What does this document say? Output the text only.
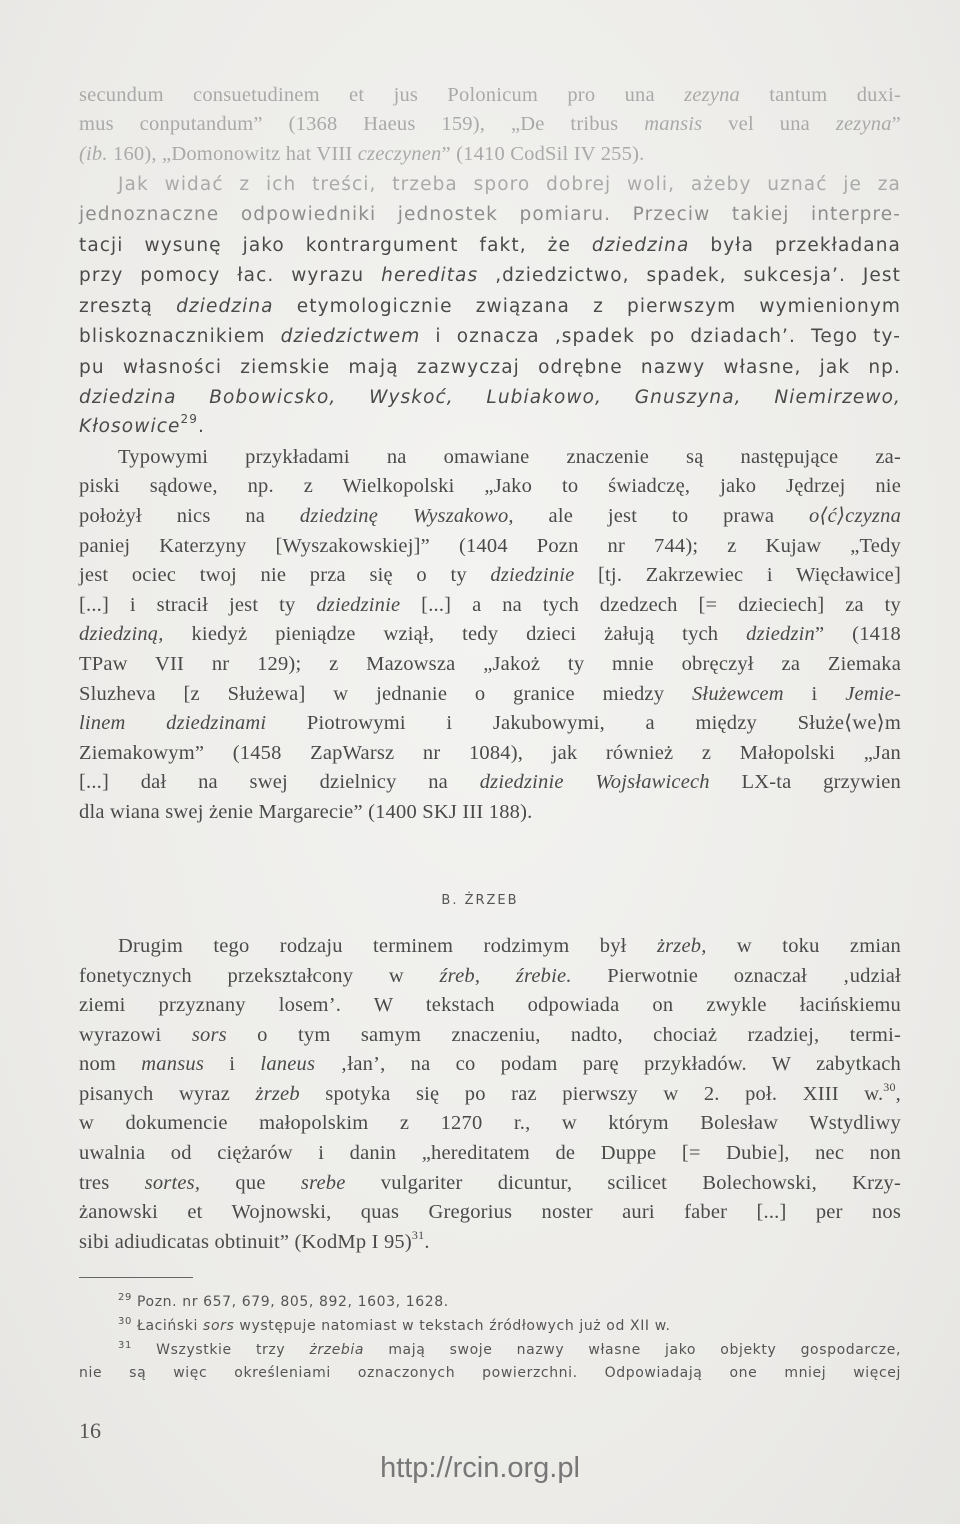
secundum consuetudinem et jus Polonicum pro una zezyna tantum duxi-
mus conputandum” (1368 Haeus 159), „De tribus mansis vel una zezyna”
(ib. 160), „Domonowitz hat VIII czeczynen” (1410 CodSil IV 255).
Jak widać z ich treści, trzeba sporo dobrej woli, ażeby uznać je za
jednoznaczne odpowiedniki jednostek pomiaru. Przeciw takiej interpre-
tacji wysunę jako kontrargument fakt, że dziedzina była przekładana
przy pomocy łac. wyrazu hereditas ‚dziedzictwo, spadek, sukcesja’. Jest
zresztą dziedzina etymologicznie związana z pierwszym wymienionym
bliskoznacznikiem dziedzictwem i oznacza ‚spadek po dziadach’. Tego ty-
pu własności ziemskie mają zazwyczaj odrębne nazwy własne, jak np.
dziedzina Bobowicsko, Wyskoć, Lubiakowo, Gnuszyna, Niemirzewo,
Kłosowice$^{29}$.
Typowymi przykładami na omawiane znaczenie są następujące za-
piski sądowe, np. z Wielkopolski „Jako to świadczę, jako Jędrzej nie
położył nics na dziedzinę Wyszakowo, ale jest to prawa o⟨ć⟩czyzna
paniej Katerzyny [Wyszakowskiej]” (1404 Pozn nr 744); z Kujaw „Tedy
jest ociec twoj nie prza się o ty dziedzinie [tj. Zakrzewiec i Więcławice]
[...] i stracił jest ty dziedzinie [...] a na tych dzedzech [= dzieciech] za ty
dziedziną, kiedyż pieniądze wziął, tedy dzieci żałują tych dziedzin” (1418
TPaw VII nr 129); z Mazowsza „Jakoż ty mnie obręczył za Ziemaka
Sluzheva [z Służewa] w jednanie o granice miedzy Służewcem i Jemie-
linem dziedzinami Piotrowymi i Jakubowymi, a między Służe⟨we⟩m
Ziemakowym” (1458 ZapWarsz nr 1084), jak również z Małopolski „Jan
[...] dał na swej dzielnicy na dziedzinie Wojsławicech LX-ta grzywien
dla wiana swej żenie Margarecie” (1400 SKJ III 188).
B. ŻRZEB
Drugim tego rodzaju terminem rodzimym był żrzeb, w toku zmian
fonetycznych przekształcony w źreb, źrebie. Pierwotnie oznaczał ‚udział
ziemi przyznany losem’. W tekstach odpowiada on zwykle łacińskiemu
wyrazowi sors o tym samym znaczeniu, nadto, chociaż rzadziej, termi-
nom mansus i laneus ‚łan’, na co podam parę przykładów. W zabytkach
pisanych wyraz żrzeb spotyka się po raz pierwszy w 2. poł. XIII w.$^{30}$,
w dokumencie małopolskim z 1270 r., w którym Bolesław Wstydliwy
uwalnia od ciężarów i danin „hereditatem de Duppe [= Dubie], nec non
tres sortes, que srebe vulgariter dicuntur, scilicet Bolechowski, Krzy-
żanowski et Wojnowski, quas Gregorius noster auri faber [...] per nos
sibi adiudicatas obtinuit” (KodMp I 95)$^{31}$.
$^{29}$ Pozn. nr 657, 679, 805, 892, 1603, 1628.
$^{30}$ Łaciński sors występuje natomiast w tekstach źródłowych już od XII w.
$^{31}$ Wszystkie trzy żrzebia mają swoje nazwy własne jako objekty gospodarcze,
nie są więc określeniami oznaczonych powierzchni. Odpowiadają one mniej więcej
16
http://rcin.org.pl
